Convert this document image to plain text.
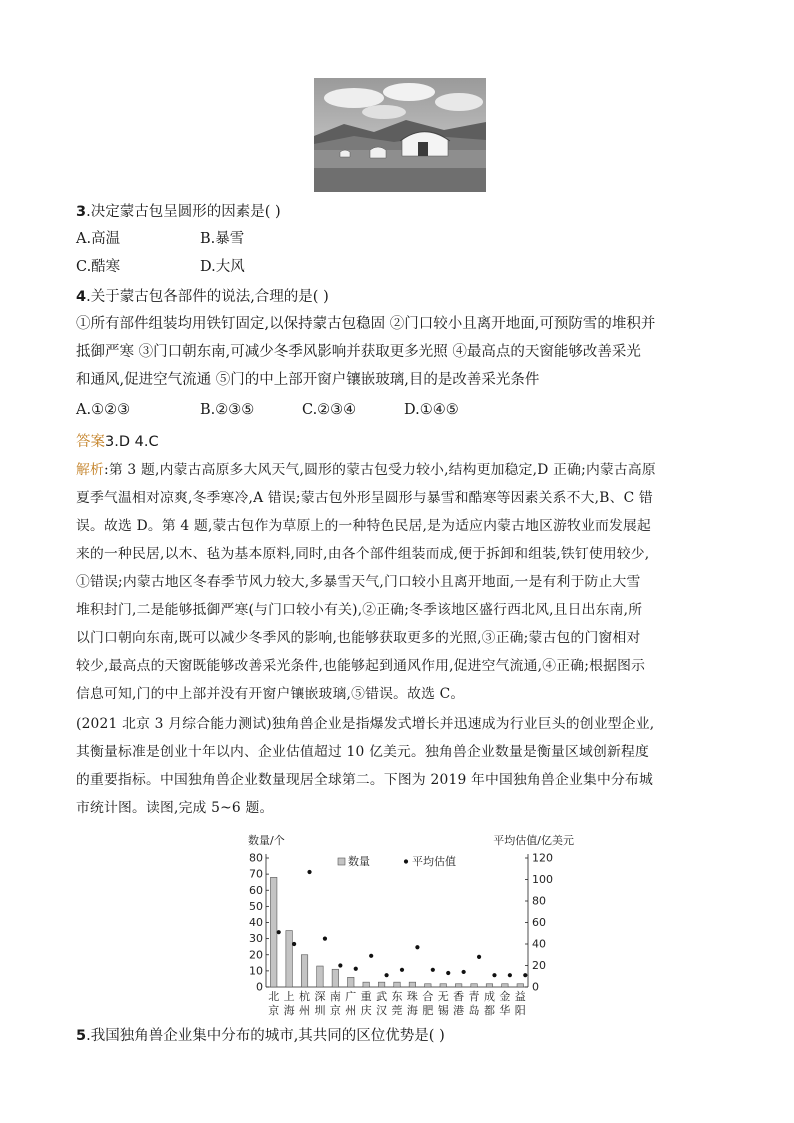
3.决定蒙古包呈圆形的因素是( )
A.高温	B.暴雪
C.酷寒	D.大风
4.关于蒙古包各部件的说法,合理的是( )
①所有部件组装均用铁钉固定,以保持蒙古包稳固 ②门口较小且离开地面,可预防雪的堆积并
抵御严寒 ③门口朝东南,可减少冬季风影响并获取更多光照 ④最高点的天窗能够改善采光
和通风,促进空气流通 ⑤门的中上部开窗户镶嵌玻璃,目的是改善采光条件
A.①②③	B.②③⑤	C.②③④	D.①④⑤
答案3.D 4.C
解析:第 3 题,内蒙古高原多大风天气,圆形的蒙古包受力较小,结构更加稳定,D 正确;内蒙古高原
夏季气温相对凉爽,冬季寒冷,A 错误;蒙古包外形呈圆形与暴雪和酷寒等因素关系不大,B、C 错
误。故选 D。第 4 题,蒙古包作为草原上的一种特色民居,是为适应内蒙古地区游牧业而发展起
来的一种民居,以木、毡为基本原料,同时,由各个部件组装而成,便于拆卸和组装,铁钉使用较少,
①错误;内蒙古地区冬春季节风力较大,多暴雪天气,门口较小且离开地面,一是有利于防止大雪
堆积封门,二是能够抵御严寒(与门口较小有关),②正确;冬季该地区盛行西北风,且日出东南,所
以门口朝向东南,既可以减少冬季风的影响,也能够获取更多的光照,③正确;蒙古包的门窗相对
较少,最高点的天窗既能够改善采光条件,也能够起到通风作用,促进空气流通,④正确;根据图示
信息可知,门的中上部并没有开窗户镶嵌玻璃,⑤错误。故选 C。
(2021 北京 3 月综合能力测试)独角兽企业是指爆发式增长并迅速成为行业巨头的创业型企业,
其衡量标准是创业十年以内、企业估值超过 10 亿美元。独角兽企业数量是衡量区域创新程度
的重要指标。中国独角兽企业数量现居全球第二。下图为 2019 年中国独角兽企业集中分布城
市统计图。读图,完成 5~6 题。
数量/个	平均估值/亿美元
0
10
20
30
40
50
60
70
80
0
20
40
60
80
100
120
北
京
上
海
杭
州
深
圳
南
京
广
州
重
庆
武
汉
东
莞
珠
海
合
肥
无
锡
香
港
青
岛
成
都
金
华
益
阳
数量	平均估值
5.我国独角兽企业集中分布的城市,其共同的区位优势是( )
